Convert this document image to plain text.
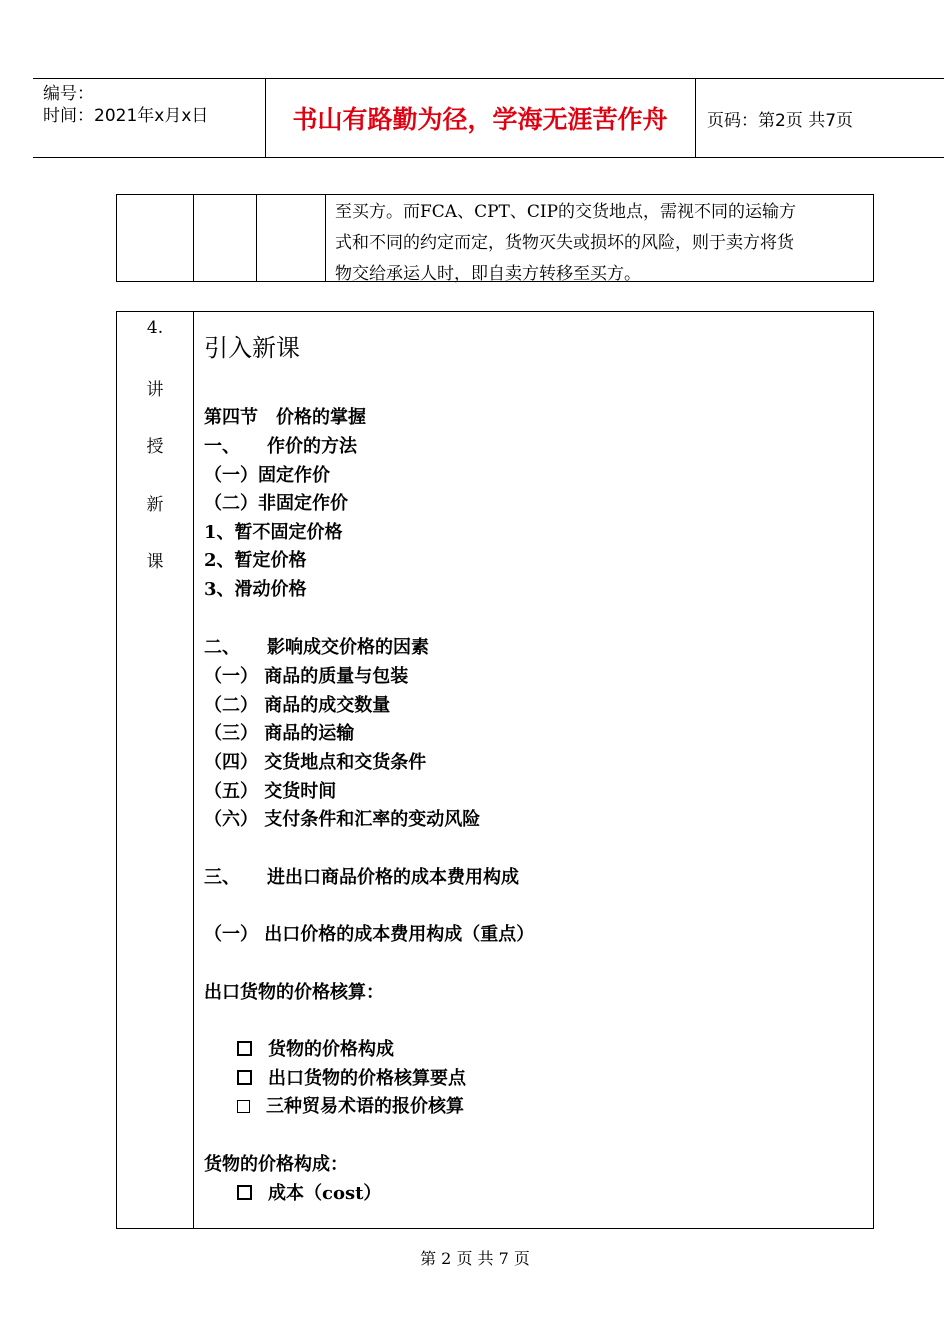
编号：
时间：2021年x月x日	书山有路勤为径，学海无涯苦作舟	页码：第2页 共7页
至买方。而FCA、CPT、CIP的交货地点，需视不同的运输方
式和不同的约定而定，货物灭失或损坏的风险，则于卖方将货
物交给承运人时，即自卖方转移至买方。
4.
讲
授
新
课
引入新课
第四节　价格的掌握
一、　　作价的方法
（一）固定作价
（二）非固定作价
1、暂不固定价格
2、暂定价格
3、滑动价格
二、　　影响成交价格的因素
（一） 商品的质量与包装
（二） 商品的成交数量
（三） 商品的运输
（四） 交货地点和交货条件
（五） 交货时间
（六） 支付条件和汇率的变动风险
三、　　进出口商品价格的成本费用构成
（一） 出口价格的成本费用构成（重点）
出口货物的价格核算：
货物的价格构成
出口货物的价格核算要点
三种贸易术语的报价核算
货物的价格构成：
成本（cost）
第 2 页 共 7 页
